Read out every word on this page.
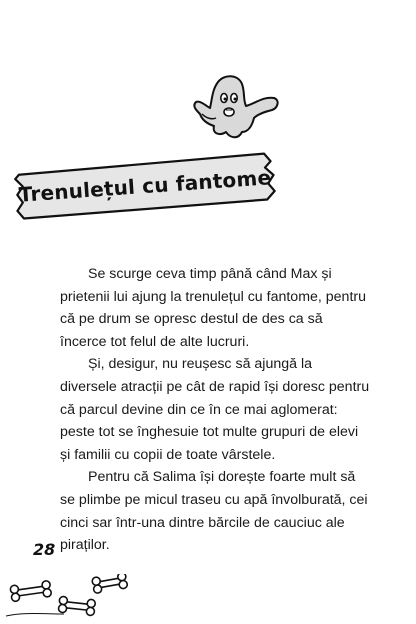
Trenulețul cu fantome

Se scurge ceva timp până când Max și prietenii lui ajung la trenulețul cu fantome, pentru că pe drum se opresc destul de des ca să încerce tot felul de alte lucruri.

Și, desigur, nu reușesc să ajungă la diversele atracții pe cât de rapid își doresc pentru că parcul devine din ce în ce mai aglomerat: peste tot se înghesuie tot multe grupuri de elevi și familii cu copii de toate vârstele.

Pentru că Salima își dorește foarte mult să se plimbe pe micul traseu cu apă învolburată, cei cinci sar într-una dintre bărcile de cauciuc ale piraților.

28
